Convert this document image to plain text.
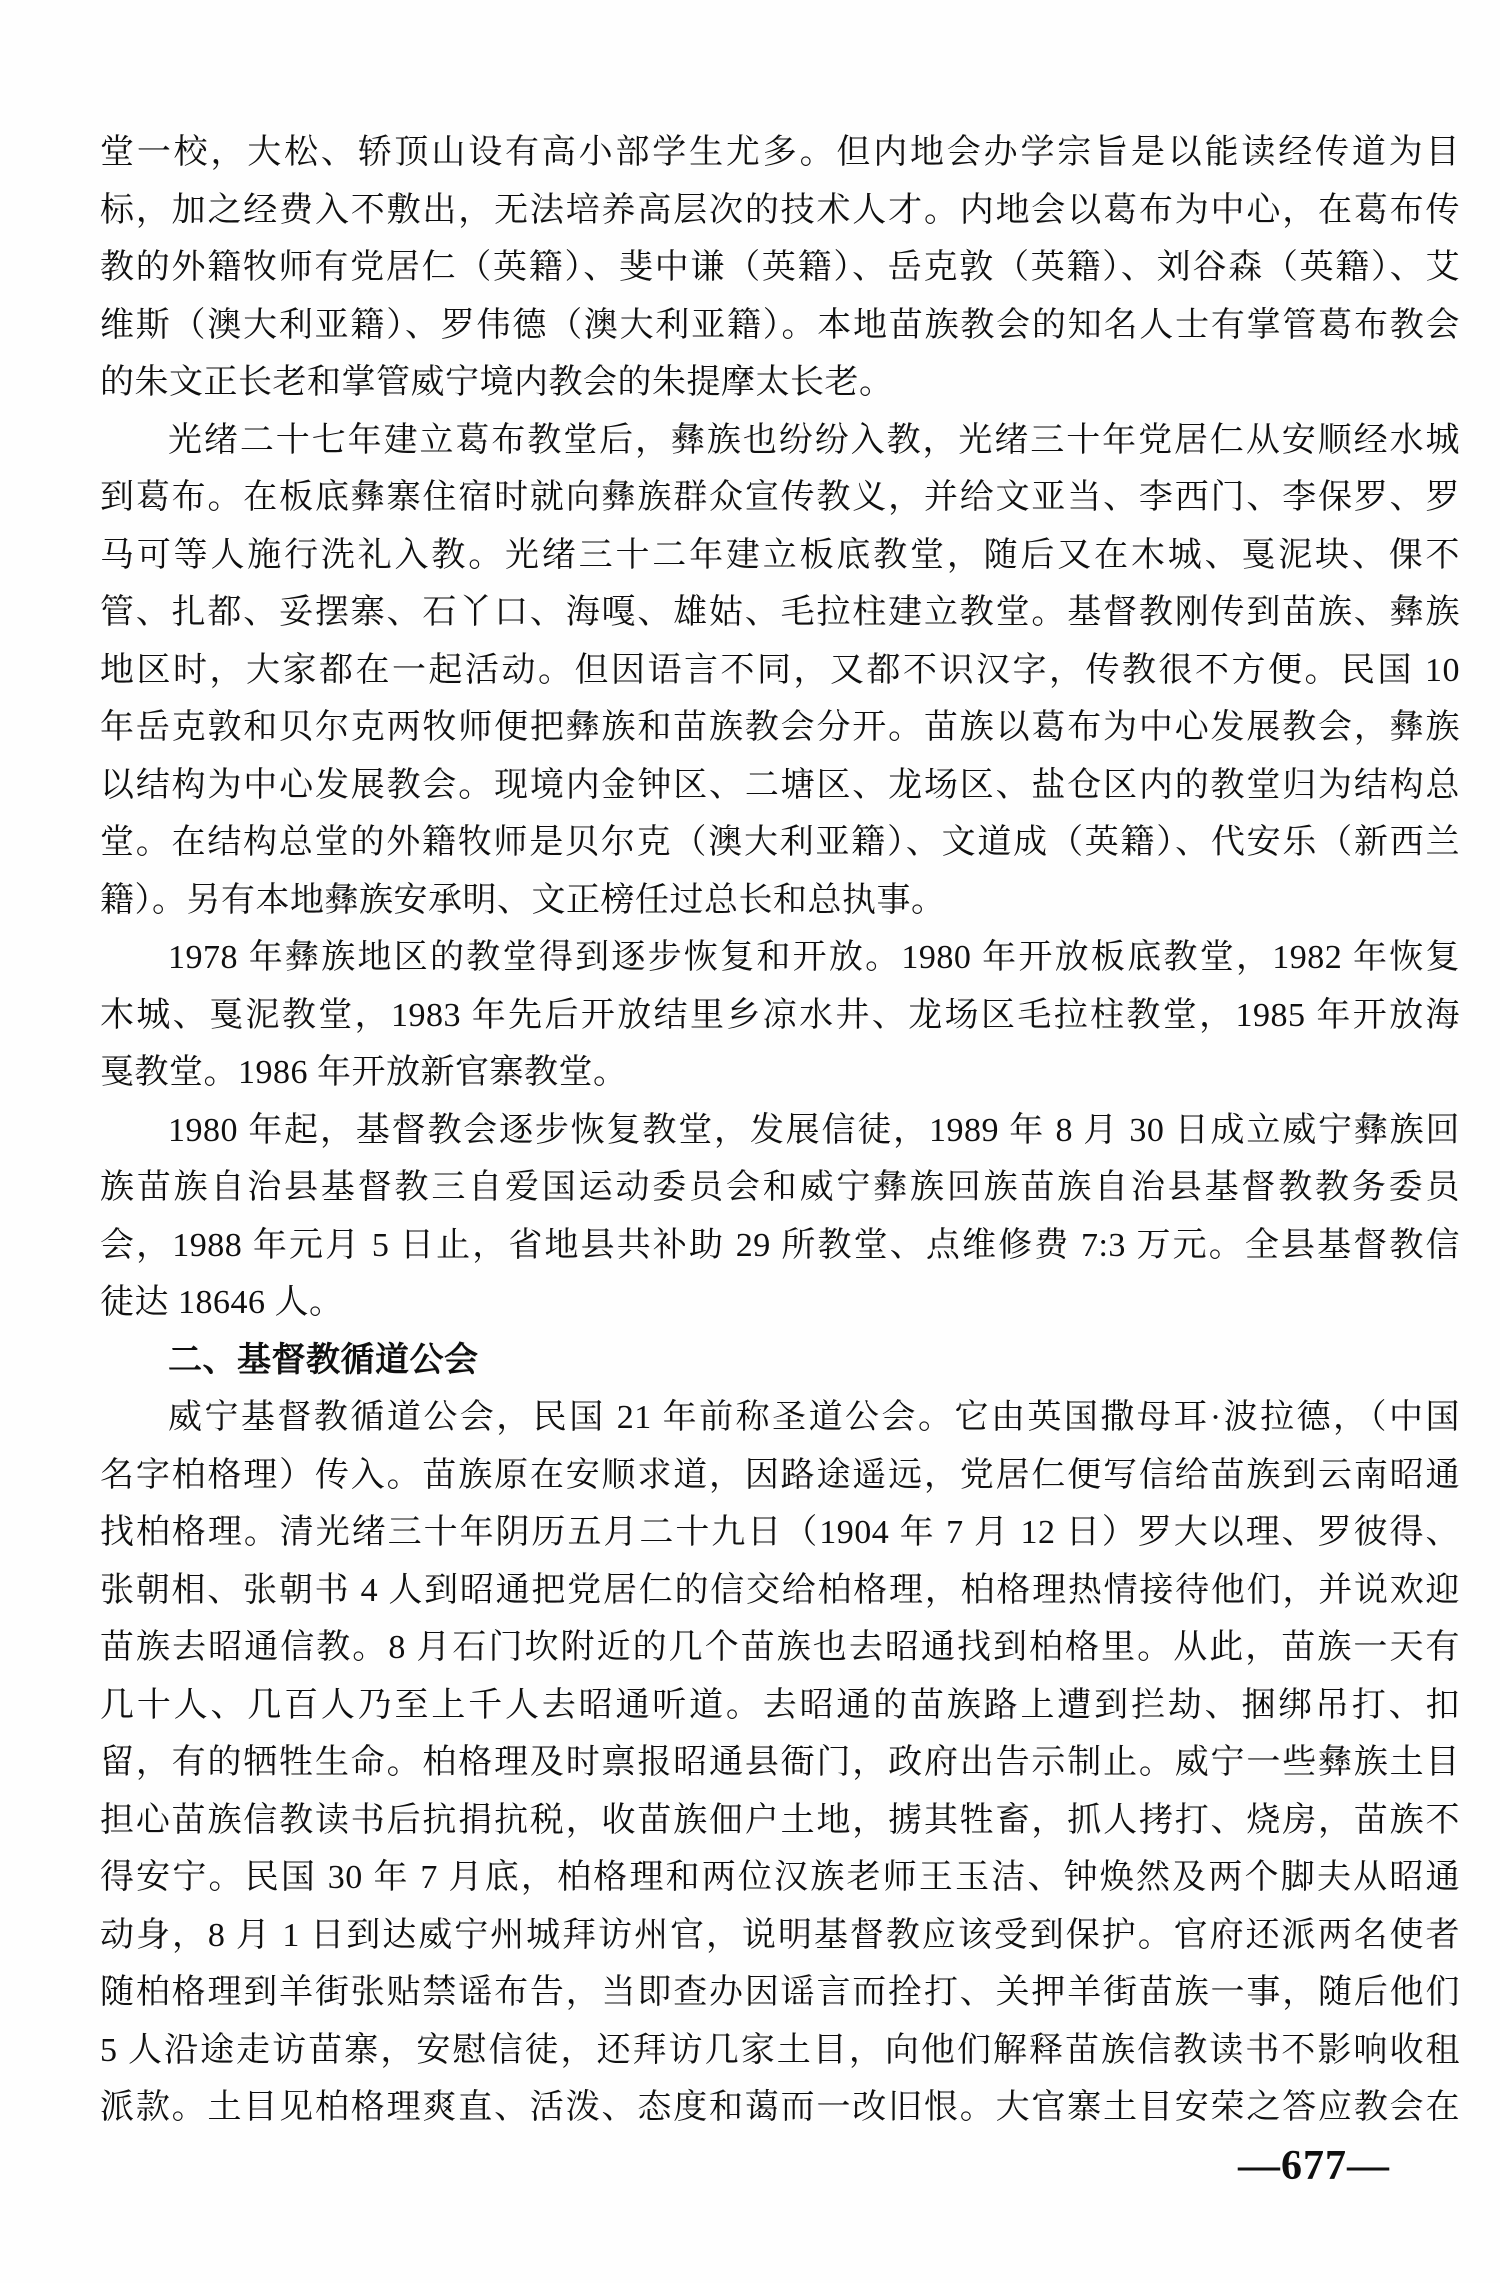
堂一校，大松、轿顶山设有高小部学生尤多。但内地会办学宗旨是以能读经传道为目
标，加之经费入不敷出，无法培养高层次的技术人才。内地会以葛布为中心，在葛布传
教的外籍牧师有党居仁（英籍）、斐中谦（英籍）、岳克敦（英籍）、刘谷森（英籍）、艾
维斯（澳大利亚籍）、罗伟德（澳大利亚籍）。本地苗族教会的知名人士有掌管葛布教会
的朱文正长老和掌管威宁境内教会的朱提摩太长老。
光绪二十七年建立葛布教堂后，彝族也纷纷入教，光绪三十年党居仁从安顺经水城
到葛布。在板底彝寨住宿时就向彝族群众宣传教义，并给文亚当、李西门、李保罗、罗
马可等人施行洗礼入教。光绪三十二年建立板底教堂，随后又在木城、戛泥块、倮不
管、扎都、妥摆寨、石丫口、海嘎、雄姑、毛拉柱建立教堂。基督教刚传到苗族、彝族
地区时，大家都在一起活动。但因语言不同，又都不识汉字，传教很不方便。民国 10
年岳克敦和贝尔克两牧师便把彝族和苗族教会分开。苗族以葛布为中心发展教会，彝族
以结构为中心发展教会。现境内金钟区、二塘区、龙场区、盐仓区内的教堂归为结构总
堂。在结构总堂的外籍牧师是贝尔克（澳大利亚籍）、文道成（英籍）、代安乐（新西兰
籍）。另有本地彝族安承明、文正榜任过总长和总执事。
1978 年彝族地区的教堂得到逐步恢复和开放。1980 年开放板底教堂，1982 年恢复
木城、戛泥教堂，1983 年先后开放结里乡凉水井、龙场区毛拉柱教堂，1985 年开放海
戛教堂。1986 年开放新官寨教堂。
1980 年起，基督教会逐步恢复教堂，发展信徒，1989 年 8 月 30 日成立威宁彝族回
族苗族自治县基督教三自爱国运动委员会和威宁彝族回族苗族自治县基督教教务委员
会，1988 年元月 5 日止，省地县共补助 29 所教堂、点维修费 7:3 万元。全县基督教信
徒达 18646 人。
二、基督教循道公会
威宁基督教循道公会，民国 21 年前称圣道公会。它由英国撒母耳·波拉德，（中国
名字柏格理）传入。苗族原在安顺求道，因路途遥远，党居仁便写信给苗族到云南昭通
找柏格理。清光绪三十年阴历五月二十九日（1904 年 7 月 12 日）罗大以理、罗彼得、
张朝相、张朝书 4 人到昭通把党居仁的信交给柏格理，柏格理热情接待他们，并说欢迎
苗族去昭通信教。8 月石门坎附近的几个苗族也去昭通找到柏格里。从此，苗族一天有
几十人、几百人乃至上千人去昭通听道。去昭通的苗族路上遭到拦劫、捆绑吊打、扣
留，有的牺牲生命。柏格理及时禀报昭通县衙门，政府出告示制止。威宁一些彝族土目
担心苗族信教读书后抗捐抗税，收苗族佃户土地，掳其牲畜，抓人拷打、烧房，苗族不
得安宁。民国 30 年 7 月底，柏格理和两位汉族老师王玉洁、钟焕然及两个脚夫从昭通
动身，8 月 1 日到达威宁州城拜访州官，说明基督教应该受到保护。官府还派两名使者
随柏格理到羊街张贴禁谣布告，当即查办因谣言而拴打、关押羊街苗族一事，随后他们
5 人沿途走访苗寨，安慰信徒，还拜访几家土目，向他们解释苗族信教读书不影响收租
派款。土目见柏格理爽直、活泼、态度和蔼而一改旧恨。大官寨土目安荣之答应教会在
—677—
